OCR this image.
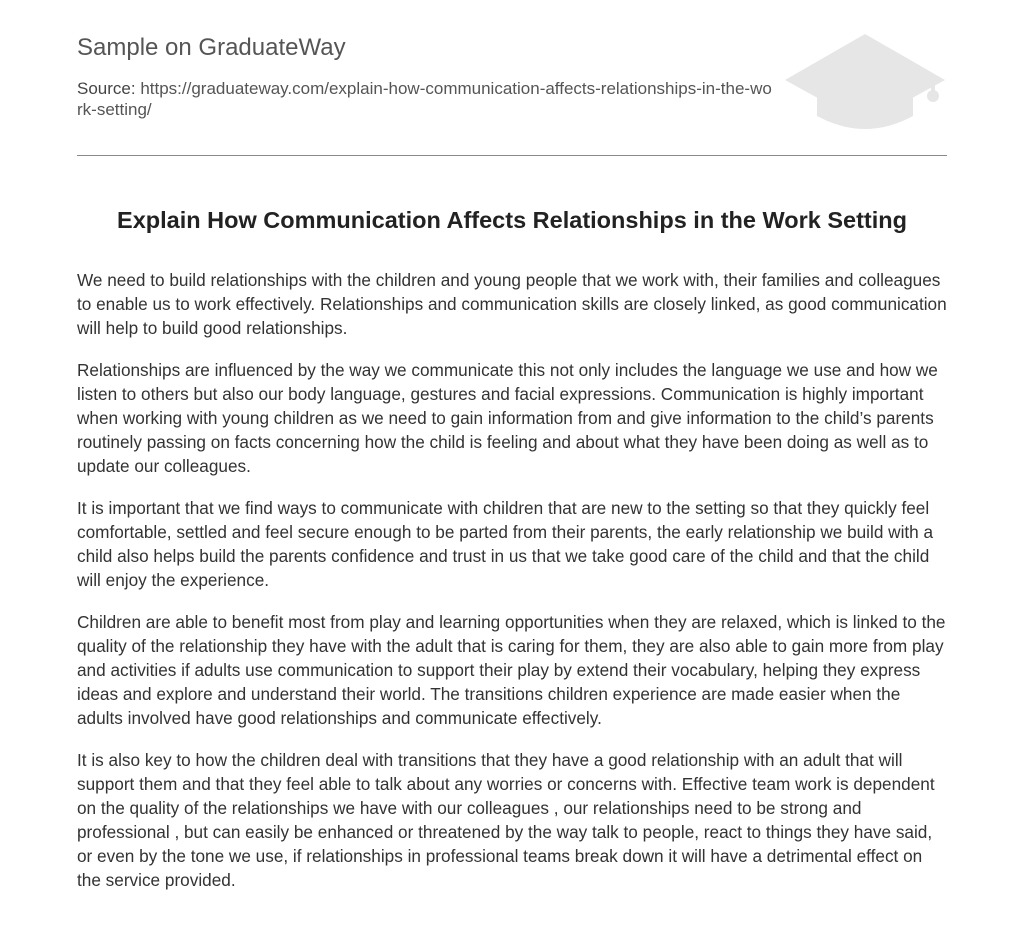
Sample on GraduateWay
Source: https://graduateway.com/explain-how-communication-affects-relationships-in-the-work-setting/
Explain How Communication Affects Relationships in the Work Setting

We need to build relationships with the children and young people that we work with, their families and colleagues to enable us to work effectively. Relationships and communication skills are closely linked, as good communication will help to build good relationships.

Relationships are influenced by the way we communicate this not only includes the language we use and how we listen to others but also our body language, gestures and facial expressions. Communication is highly important when working with young children as we need to gain information from and give information to the child’s parents routinely passing on facts concerning how the child is feeling and about what they have been doing as well as to update our colleagues.

It is important that we find ways to communicate with children that are new to the setting so that they quickly feel comfortable, settled and feel secure enough to be parted from their parents, the early relationship we build with a child also helps build the parents confidence and trust in us that we take good care of the child and that the child will enjoy the experience.

Children are able to benefit most from play and learning opportunities when they are relaxed, which is linked to the quality of the relationship they have with the adult that is caring for them, they are also able to gain more from play and activities if adults use communication to support their play by extend their vocabulary, helping they express ideas and explore and understand their world. The transitions children experience are made easier when the adults involved have good relationships and communicate effectively.

It is also key to how the children deal with transitions that they have a good relationship with an adult that will support them and that they feel able to talk about any worries or concerns with. Effective team work is dependent on the quality of the relationships we have with our colleagues , our relationships need to be strong and professional , but can easily be enhanced or threatened by the way talk to people, react to things they have said, or even by the tone we use, if relationships in professional teams break down it will have a detrimental effect on the service provided.
